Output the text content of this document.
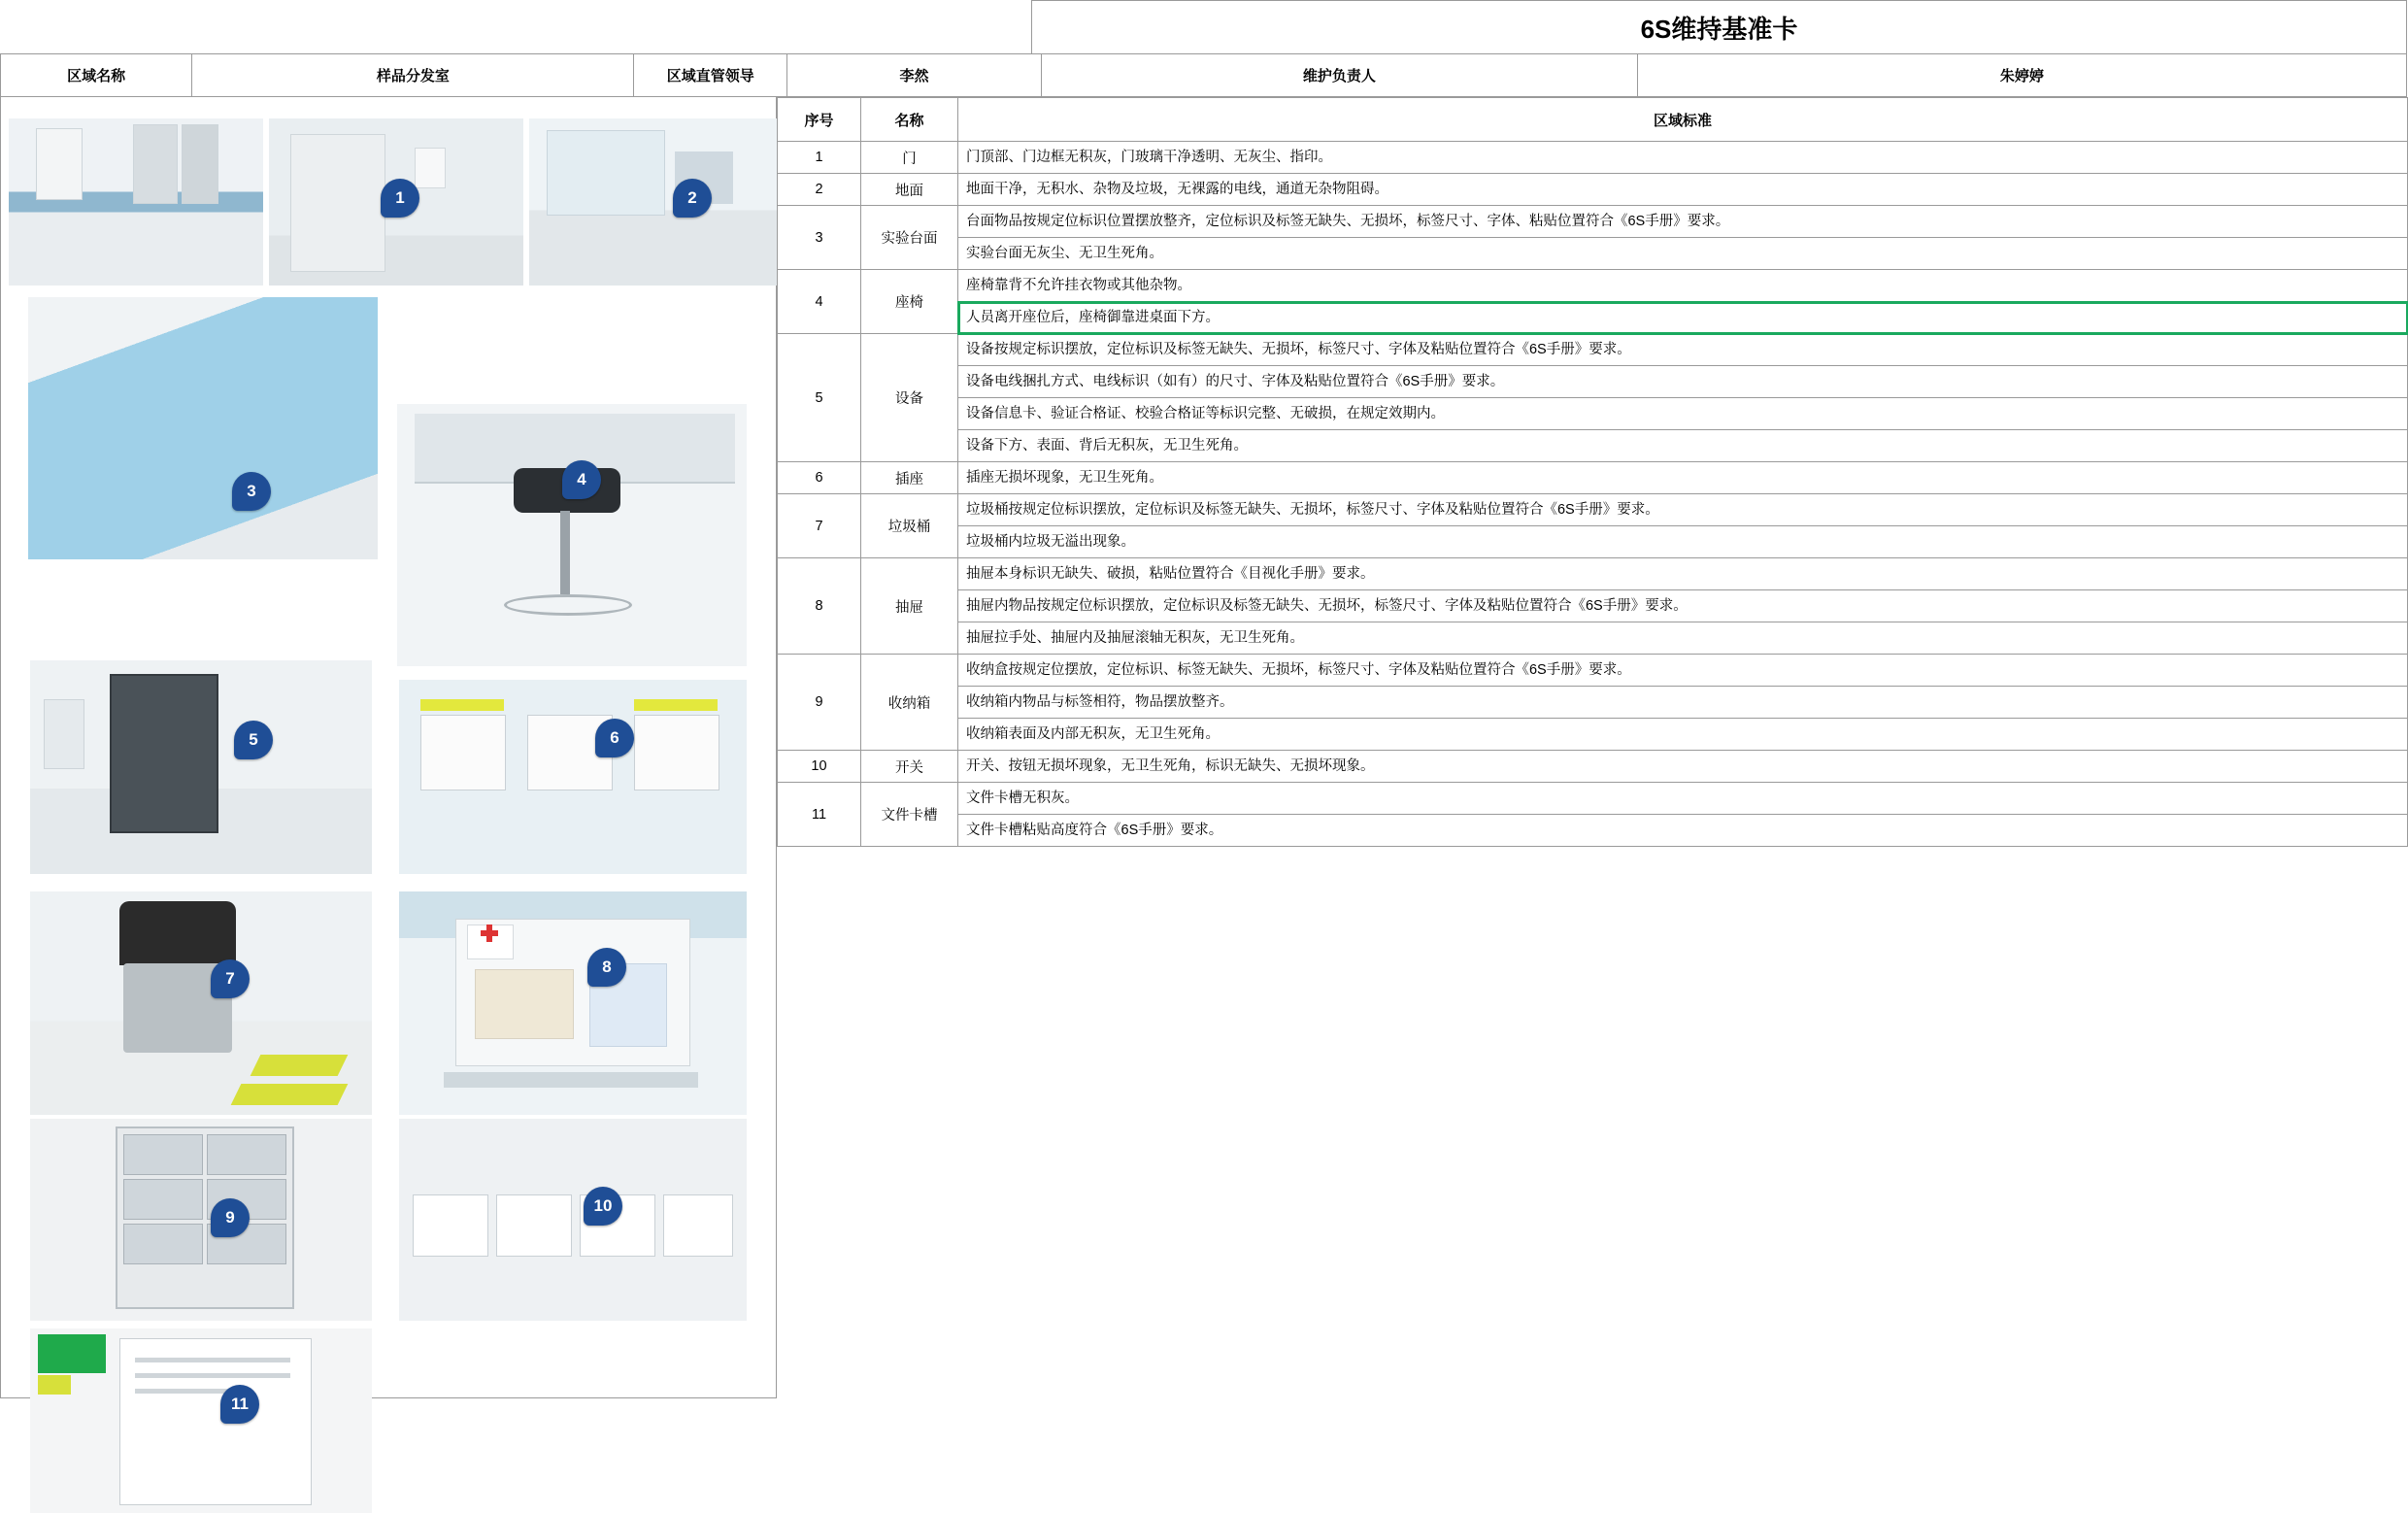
6S维持基准卡
区域名称	样品分发室	区域直管领导	李然	维护负责人	朱婷婷
1	2
3
4
5	6
7
8
9
10
11
序号	名称	区域标准
1	门	门顶部、门边框无积灰，门玻璃干净透明、无灰尘、指印。
2	地面	地面干净，无积水、杂物及垃圾，无裸露的电线，通道无杂物阻碍。
3	实验台面	台面物品按规定位标识位置摆放整齐，定位标识及标签无缺失、无损坏，标签尺寸、字体、粘贴位置符合《6S手册》要求。
		实验台面无灰尘、无卫生死角。
4	座椅	座椅靠背不允许挂衣物或其他杂物。
		人员离开座位后，座椅御靠进桌面下方。
5	设备	设备按规定标识摆放，定位标识及标签无缺失、无损坏，标签尺寸、字体及粘贴位置符合《6S手册》要求。
		设备电线捆扎方式、电线标识（如有）的尺寸、字体及粘贴位置符合《6S手册》要求。
		设备信息卡、验证合格证、校验合格证等标识完整、无破损，在规定效期内。
		设备下方、表面、背后无积灰，无卫生死角。
6	插座	插座无损坏现象，无卫生死角。
7	垃圾桶	垃圾桶按规定位标识摆放，定位标识及标签无缺失、无损坏，标签尺寸、字体及粘贴位置符合《6S手册》要求。
		垃圾桶内垃圾无溢出现象。
8	抽屉	抽屉本身标识无缺失、破损，粘贴位置符合《目视化手册》要求。
		抽屉内物品按规定位标识摆放，定位标识及标签无缺失、无损坏，标签尺寸、字体及粘贴位置符合《6S手册》要求。
		抽屉拉手处、抽屉内及抽屉滚轴无积灰，无卫生死角。
9	收纳箱	收纳盒按规定位摆放，定位标识、标签无缺失、无损坏，标签尺寸、字体及粘贴位置符合《6S手册》要求。
		收纳箱内物品与标签相符，物品摆放整齐。
		收纳箱表面及内部无积灰，无卫生死角。
10	开关	开关、按钮无损坏现象，无卫生死角，标识无缺失、无损坏现象。
11	文件卡槽	文件卡槽无积灰。
		文件卡槽粘贴高度符合《6S手册》要求。
